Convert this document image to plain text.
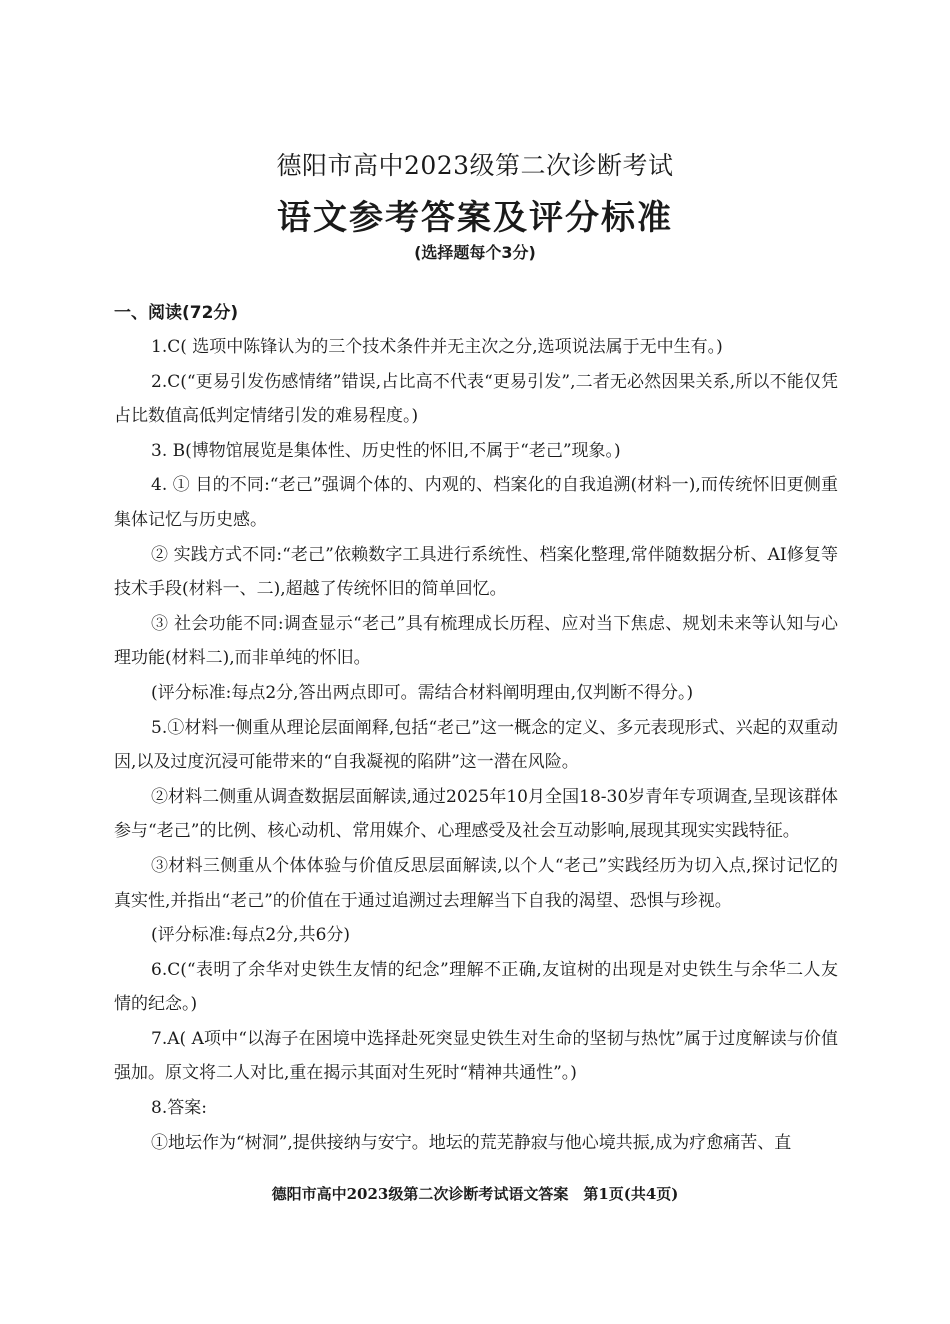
德阳市高中2023级第二次诊断考试
语文参考答案及评分标准
(选择题每个3分)
一、阅读(72分)

1.C( 选项中陈锋认为的三个技术条件并无主次之分,选项说法属于无中生有。)

2.C(“更易引发伤感情绪”错误,占比高不代表“更易引发”,二者无必然因果关系,所以不能仅凭占比数值高低判定情绪引发的难易程度。)

3. B(博物馆展览是集体性、历史性的怀旧,不属于“老己”现象。)

4. ① 目的不同:“老己”强调个体的、内观的、档案化的自我追溯(材料一),而传统怀旧更侧重集体记忆与历史感。

② 实践方式不同:“老己”依赖数字工具进行系统性、档案化整理,常伴随数据分析、AI修复等技术手段(材料一、二),超越了传统怀旧的简单回忆。

③ 社会功能不同:调查显示“老己”具有梳理成长历程、应对当下焦虑、规划未来等认知与心理功能(材料二),而非单纯的怀旧。

(评分标准:每点2分,答出两点即可。需结合材料阐明理由,仅判断不得分。)

5.①材料一侧重从理论层面阐释,包括“老己”这一概念的定义、多元表现形式、兴起的双重动因,以及过度沉浸可能带来的“自我凝视的陷阱”这一潜在风险。

②材料二侧重从调查数据层面解读,通过2025年10月全国18-30岁青年专项调查,呈现该群体参与“老己”的比例、核心动机、常用媒介、心理感受及社会互动影响,展现其现实实践特征。

③材料三侧重从个体体验与价值反思层面解读,以个人“老己”实践经历为切入点,探讨记忆的真实性,并指出“老己”的价值在于通过追溯过去理解当下自我的渴望、恐惧与珍视。

(评分标准:每点2分,共6分)

6.C(“表明了余华对史铁生友情的纪念”理解不正确,友谊树的出现是对史铁生与余华二人友情的纪念。)

7.A( A项中“以海子在困境中选择赴死突显史铁生对生命的坚韧与热忱”属于过度解读与价值强加。原文将二人对比,重在揭示其面对生死时“精神共通性”。)

8.答案:

①地坛作为“树洞”,提供接纳与安宁。地坛的荒芜静寂与他心境共振,成为疗愈痛苦、直

德阳市高中2023级第二次诊断考试语文答案　第1页(共4页)
